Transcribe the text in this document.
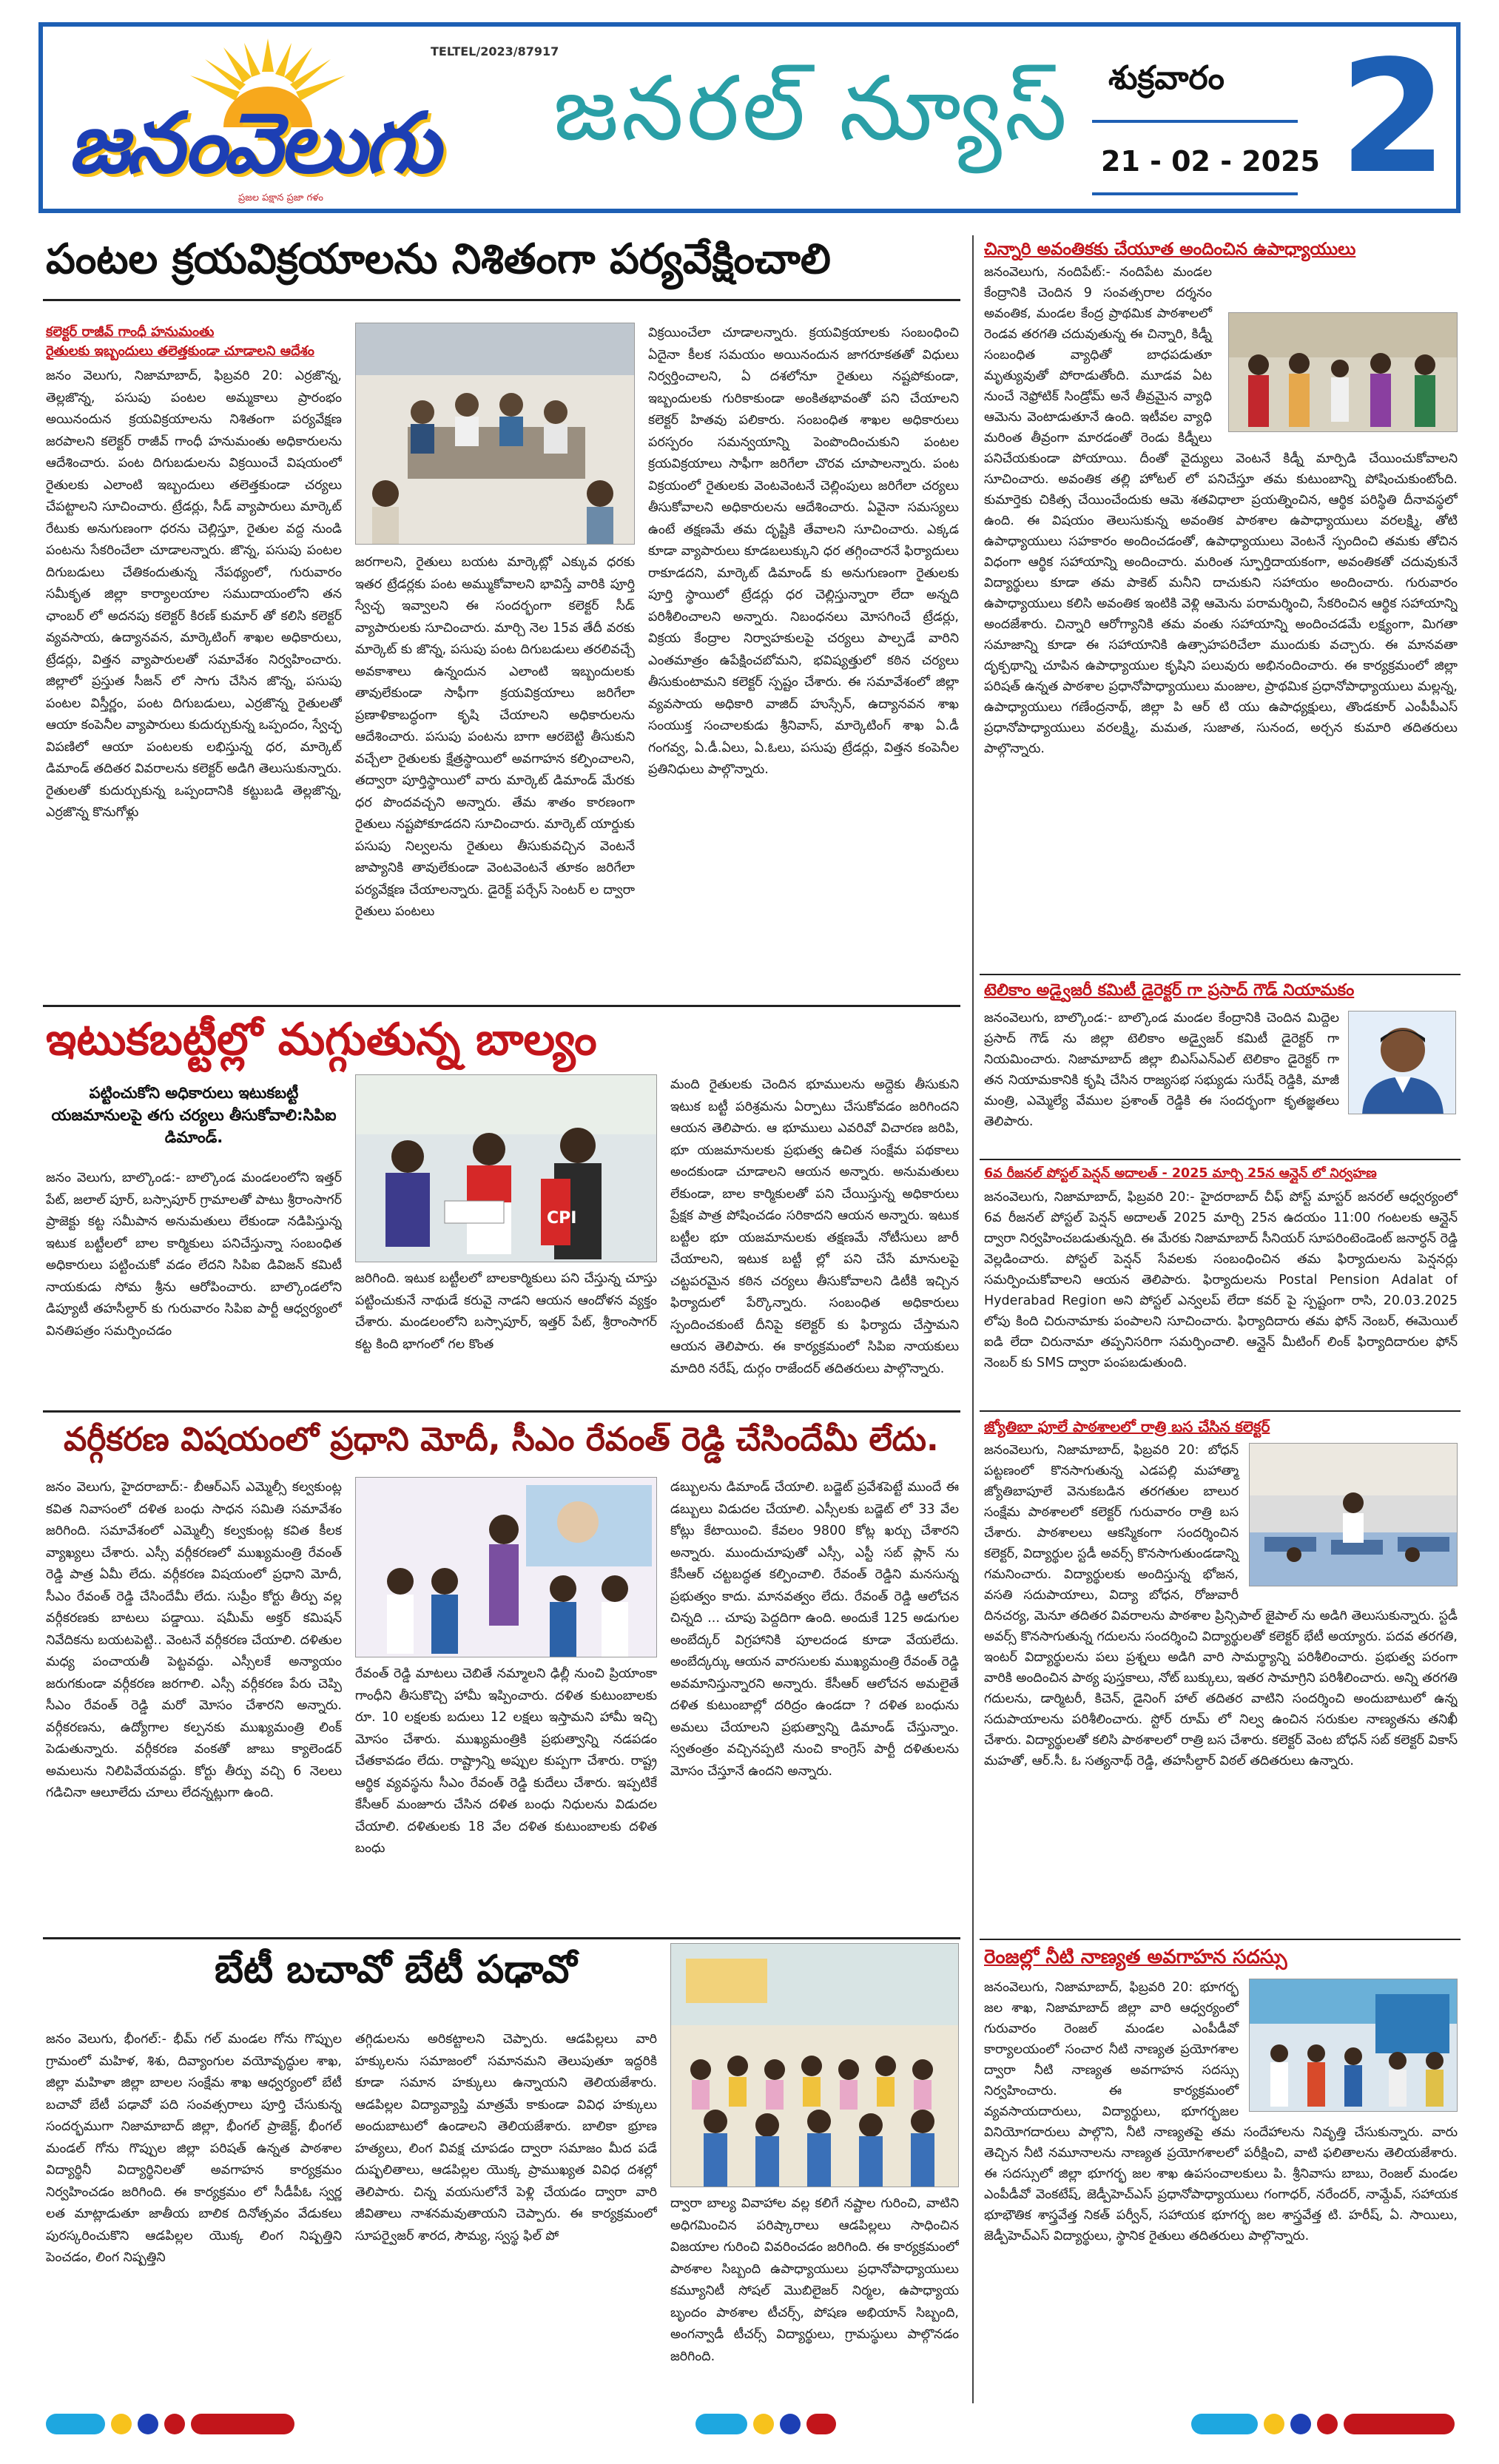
జనంవెలుగు
TELTEL/2023/87917
ప్రజల పక్షాన ప్రజా గళం
జనరల్ న్యూస్ శుక్రవారం
21 - 02 - 2025 2
పంటల క్రయవిక్రయాలను నిశితంగా పర్యవేక్షించాలి
కలెక్టర్ రాజీవ్ గాంధీ హనుమంతు
రైతులకు ఇబ్బందులు తలెత్తకుండా చూడాలని ఆదేశం
జనం వెలుగు, నిజామాబాద్, ఫిబ్రవరి 20: ఎర్రజొన్న, తెల్లజొన్న, పసుపు పంటల అమ్మకాలు ప్రారంభం అయినందున క్రయవిక్రయాలను నిశితంగా పర్యవేక్షణ జరపాలని కలెక్టర్ రాజీవ్ గాంధీ హనుమంతు అధికారులను ఆదేశించారు. పంట దిగుబడులను విక్రయించే విషయంలో రైతులకు ఎలాంటి ఇబ్బందులు తలెత్తకుండా చర్యలు చేపట్టాలని సూచించారు. ట్రేడర్లు, సీడ్ వ్యాపారులు మార్కెట్ రేటుకు అనుగుణంగా ధరను చెల్లిస్తూ, రైతుల వద్ద నుండి పంటను సేకరించేలా చూడాలన్నారు. జొన్న, పసుపు పంటల దిగుబడులు చేతికందుతున్న నేపథ్యంలో, గురువారం సమీకృత జిల్లా కార్యాలయాల సముదాయంలోని తన ఛాంబర్ లో అదనపు కలెక్టర్ కిరణ్ కుమార్ తో కలిసి కలెక్టర్ వ్యవసాయ, ఉద్యానవన, మార్కెటింగ్ శాఖల అధికారులు, ట్రేడర్లు, విత్తన వ్యాపారులతో సమావేశం నిర్వహించారు. జిల్లాలో ప్రస్తుత సీజన్ లో సాగు చేసిన జొన్న, పసుపు పంటల విస్తీర్ణం, పంట దిగుబడులు, ఎర్రజొన్న రైతులతో ఆయా కంపెనీల వ్యాపారులు కుదుర్చుకున్న ఒప్పందం, స్వేచ్ఛ విపణిలో ఆయా పంటలకు లభిస్తున్న ధర, మార్కెట్ డిమాండ్ తదితర వివరాలను కలెక్టర్ అడిగి తెలుసుకున్నారు. రైతులతో కుదుర్చుకున్న ఒప్పందానికి కట్టుబడి తెల్లజొన్న, ఎర్రజొన్న కొనుగోళ్లు
జరగాలని, రైతులు బయట మార్కెట్లో ఎక్కువ ధరకు ఇతర ట్రేడర్లకు పంట అమ్ముకోవాలని భావిస్తే వారికి పూర్తి స్వేచ్ఛ ఇవ్వాలని ఈ సందర్భంగా కలెక్టర్ సీడ్ వ్యాపారులకు సూచించారు. మార్చి నెల 15వ తేదీ వరకు మార్కెట్ కు జొన్న, పసుపు పంట దిగుబడులు తరలివచ్చే అవకాశాలు ఉన్నందున ఎలాంటి ఇబ్బందులకు తావులేకుండా సాఫీగా క్రయవిక్రయాలు జరిగేలా ప్రణాళికాబద్ధంగా కృషి చేయాలని అధికారులను ఆదేశించారు. పసుపు పంటను బాగా ఆరబెట్టి తీసుకుని వచ్చేలా రైతులకు క్షేత్రస్థాయిలో అవగాహన కల్పించాలని, తద్వారా పూర్తిస్థాయిలో వారు మార్కెట్ డిమాండ్ మేరకు ధర పొందవచ్చని అన్నారు. తేమ శాతం కారణంగా రైతులు నష్టపోకూడదని సూచించారు. మార్కెట్ యార్డుకు పసుపు నిల్వలను రైతులు తీసుకువచ్చిన వెంటనే జాప్యానికి తావులేకుండా వెంటవెంటనే తూకం జరిగేలా పర్యవేక్షణ చేయాలన్నారు. డైరెక్ట్ పర్చేస్ సెంటర్ ల ద్వారా రైతులు పంటలు
విక్రయించేలా చూడాలన్నారు. క్రయవిక్రయాలకు సంబంధించి ఏదైనా కీలక సమయం అయినందున జాగరూకతతో విధులు నిర్వర్తించాలని, ఏ దశలోనూ రైతులు నష్టపోకుండా, ఇబ్బందులకు గురికాకుండా అంకితభావంతో పని చేయాలని కలెక్టర్ హితవు పలికారు. సంబంధిత శాఖల అధికారులు పరస్పరం సమన్వయాన్ని పెంపొందించుకుని పంటల క్రయవిక్రయాలు సాఫీగా జరిగేలా చొరవ చూపాలన్నారు. పంట విక్రయంలో రైతులకు వెంటవెంటనే చెల్లింపులు జరిగేలా చర్యలు తీసుకోవాలని అధికారులను ఆదేశించారు. ఏవైనా సమస్యలు ఉంటే తక్షణమే తమ దృష్టికి తేవాలని సూచించారు. ఎక్కడ కూడా వ్యాపారులు కూడబలుక్కుని ధర తగ్గించారనే ఫిర్యాదులు రాకూడదని, మార్కెట్ డిమాండ్ కు అనుగుణంగా రైతులకు పూర్తి స్థాయిలో ట్రేడర్లు ధర చెల్లిస్తున్నారా లేదా అన్నది పరిశీలించాలని అన్నారు. నిబంధనలు మోసగించే ట్రేడర్లు, విక్రయ కేంద్రాల నిర్వాహకులపై చర్యలు పాల్పడే వారిని ఎంతమాత్రం ఉపేక్షించబోమని, భవిష్యత్తులో కఠిన చర్యలు తీసుకుంటామని కలెక్టర్ స్పష్టం చేశారు. ఈ సమావేశంలో జిల్లా వ్యవసాయ అధికారి వాజిద్ హుస్సేన్, ఉద్యానవన శాఖ సంయుక్త సంచాలకుడు శ్రీనివాస్, మార్కెటింగ్ శాఖ ఏ.డీ గంగవ్వ, ఏ.డీ.ఏలు, ఏ.ఓలు, పసుపు ట్రేడర్లు, విత్తన కంపెనీల ప్రతినిధులు పాల్గొన్నారు.
ఇటుకబట్టీల్లో మగ్గుతున్న బాల్యం
పట్టించుకోని అధికారులు ఇటుకబట్టీ యజమానులపై తగు చర్యలు తీసుకోవాలి:సిపిఐ డిమాండ్.
జనం వెలుగు, బాల్కొండ:- బాల్కొండ మండలంలోని ఇత్తర్ పేట్, జలాల్ పూర్, బస్సాపూర్ గ్రామాలతో పాటు శ్రీరాంసాగర్ ప్రాజెక్టు కట్ట సమీపాన అనుమతులు లేకుండా నడిపిస్తున్న ఇటుక బట్టీలలో బాల కార్మికులు పనిచేస్తున్నా సంబంధిత అధికారులు పట్టించుకో వడం లేదని సిపిఐ డివిజన్ కమిటీ నాయకుడు సోమ శ్రీను ఆరోపించారు. బాల్కొండలోని డిప్యూటీ తహసీల్దార్ కు గురువారం సిపిఐ పార్టీ ఆధ్వర్యంలో వినతిపత్రం సమర్పించడం
CPI
జరిగింది. ఇటుక బట్టీలలో బాలకార్మికులు పని చేస్తున్న చూస్తు పట్టించుకునే నాథుడే కరువై నాడని ఆయన ఆందోళన వ్యక్తం చేశారు. మండలంలోని బస్సాపూర్, ఇత్తర్ పేట్, శ్రీరాంసాగర్ కట్ట కింది భాగంలో గల కొంత
మంది రైతులకు చెందిన భూములను అద్దెకు తీసుకుని ఇటుక బట్టీ పరిశ్రమను ఏర్పాటు చేసుకోవడం జరిగిందని ఆయన తెలిపారు. ఆ భూములు ఎవరివో విచారణ జరిపి, భూ యజమానులకు ప్రభుత్వ ఉచిత సంక్షేమ పథకాలు అందకుండా చూడాలని ఆయన అన్నారు. అనుమతులు లేకుండా, బాల కార్మికులతో పని చేయిస్తున్న అధికారులు ప్రేక్షక పాత్ర పోషించడం సరికాదని ఆయన అన్నారు. ఇటుక బట్టీల భూ యజమానులకు తక్షణమే నోటీసులు జారీ చేయాలని, ఇటుక బట్టీ ల్లో పని చేసే మానులపై చట్టపరమైన కఠిన చర్యలు తీసుకోవాలని డిటీకి ఇచ్చిన ఫిర్యాదులో పేర్కొన్నారు. సంబంధిత అధికారులు స్పందించకుంటే దీనిపై కలెక్టర్ కు ఫిర్యాదు చేస్తామని ఆయన తెలిపారు. ఈ కార్యక్రమంలో సిపిఐ నాయకులు మాదిరి నరేష్, దుర్గం రాజేందర్ తదితరులు పాల్గొన్నారు.
వర్గీకరణ విషయంలో ప్రధాని మోదీ, సీఎం రేవంత్ రెడ్డి చేసిందేమీ లేదు.
జనం వెలుగు, హైదరాబాద్:- బీఆర్ఎస్ ఎమ్మెల్సీ కల్వకుంట్ల కవిత నివాసంలో దళిత బంధు సాధన సమితి సమావేశం జరిగింది. సమావేశంలో ఎమ్మెల్సీ కల్వకుంట్ల కవిత కీలక వ్యాఖ్యలు చేశారు. ఎస్సీ వర్గీకరణలో ముఖ్యమంత్రి రేవంత్ రెడ్డి పాత్ర ఏమీ లేదు. వర్గీకరణ విషయంలో ప్రధాని మోదీ, సీఎం రేవంత్ రెడ్డి చేసిందేమీ లేదు. సుప్రీం కోర్టు తీర్పు వల్ల వర్గీకరణకు బాటలు పడ్డాయి. షమీమ్ అక్తర్ కమిషన్ నివేదికను బయటపెట్టి.. వెంటనే వర్గీకరణ చేయాలి. దళితుల మధ్య పంచాయతీ పెట్టవద్దు. ఎస్సీలకే అన్యాయం జరుగకుండా వర్గీకరణ జరగాలి. ఎస్సీ వర్గీకరణ పేరు చెప్పి సీఎం రేవంత్ రెడ్డి మరో మోసం చేశారని అన్నారు. వర్గీకరణను, ఉద్యోగాల కల్పనకు ముఖ్యమంత్రి లింక్ పెడుతున్నారు. వర్గీకరణ వంకతో జాబు క్యాలెండర్ అమలును నిలిపివేయవద్దు. కోర్టు తీర్పు వచ్చి 6 నెలలు గడిచినా ఆలూలేదు చూలు లేదన్నట్లుగా ఉంది.
రేవంత్ రెడ్డి మాటలు చెబితే నమ్మాలని ఢిల్లీ నుంచి ప్రియాంకా గాంధీని తీసుకొచ్చి హామీ ఇప్పించారు. దళిత కుటుంబాలకు రూ. 10 లక్షలకు బదులు 12 లక్షలు ఇస్తామని హామీ ఇచ్చి మోసం చేశారు. ముఖ్యమంత్రికి ప్రభుత్వాన్ని నడపడం చేతకావడం లేదు. రాష్ట్రాన్ని అప్పుల కుప్పగా చేశారు. రాష్ట్ర ఆర్థిక వ్యవస్థను సీఎం రేవంత్ రెడ్డి కుదేలు చేశారు. ఇప్పటికే కేసీఆర్ మంజూరు చేసిన దళిత బంధు నిధులను విడుదల చేయాలి. దళితులకు 18 వేల దళిత కుటుంబాలకు దళిత బంధు
డబ్బులను డిమాండ్ చేయాలి. బడ్జెట్ ప్రవేశపెట్టే ముందే ఈ డబ్బులు విడుదల చేయాలి. ఎస్సీలకు బడ్జెట్ లో 33 వేల కోట్లు కేటాయించి. కేవలం 9800 కోట్ల ఖర్చు చేశారని అన్నారు. ముందుచూపుతో ఎస్సీ, ఎస్టీ సబ్ ప్లాన్ ను కేసీఆర్ చట్టబద్ధత కల్పించాలి. రేవంత్ రెడ్డిని మనసున్న ప్రభుత్వం కాదు. మానవత్వం లేదు. రేవంత్ రెడ్డి ఆలోచన చిన్నది ... చూపు పెద్దదిగా ఉంది. అందుకే 125 అడుగుల అంబేద్కర్ విగ్రహానికి పూలదండ కూడా వేయలేదు. అంబేద్కర్కు ఆయన వారసులకు ముఖ్యమంత్రి రేవంత్ రెడ్డి అవమానిస్తున్నారని అన్నారు. కేసీఆర్ ఆలోచన అమలైతే దళిత కుటుంబాల్లో దరిద్రం ఉండదా ? దళిత బంధును అమలు చేయాలని ప్రభుత్వాన్ని డిమాండ్ చేస్తున్నాం. స్వతంత్రం వచ్చినప్పటి నుంచి కాంగ్రెస్ పార్టీ దళితులను మోసం చేస్తూనే ఉందని అన్నారు.
బేటీ బచావో బేటీ పఢావో
జనం వెలుగు, భీంగల్:- భీమ్ గల్ మండల గోను గొప్పుల గ్రామంలో మహిళ, శిశు, దివ్యాంగుల వయోవృద్ధుల శాఖ, జిల్లా మహిళా జిల్లా బాలల సంక్షేమ శాఖ ఆధ్వర్యంలో బేటీ బచావో బేటీ పఢావో పది సంవత్సరాలు పూర్తి చేసుకున్న సందర్భముగా నిజామాబాద్ జిల్లా, భీంగల్ ప్రాజెక్ట్, భీంగల్ మండల్ గోను గొప్పుల జిల్లా పరిషత్ ఉన్నత పాఠశాల విద్యార్థినీ విద్యార్థినిలతో అవగాహన కార్యక్రమం నిర్వహించడం జరిగింది. ఈ కార్యక్రమం లో సీడీపీఓ స్వర్ణ లత మాట్లాడుతూ జాతీయ బాలిక దినోత్సవం వేడుకలు పురస్కరించుకొని ఆడపిల్లల యొక్క లింగ నిష్పత్తిని పెంచడం, లింగ నిష్పత్తిని
తగ్గిడులను అరికట్టాలని చెప్పారు. ఆడపిల్లలు వారి హక్కులను సమాజంలో సమానమని తెలుపుతూ ఇద్దరికి కూడా సమాన హక్కులు ఉన్నాయని తెలియజేశారు. ఆడపిల్లల విద్యావ్యాప్తి మాత్రమే కాకుండా వివిధ హక్కులు అందుబాటులో ఉండాలని తెలియజేశారు. బాలికా భ్రూణ హత్యలు, లింగ వివక్ష చూపడం ద్వారా సమాజం మీద పడే దుష్ఫలితాలు, ఆడపిల్లల యొక్క ప్రాముఖ్యత వివిధ దశల్లో తెలిపారు. చిన్న వయసులోనే పెళ్లి చేయడం ద్వారా వారి జీవితాలు నాశనమవుతాయని చెప్పారు. ఈ కార్యక్రమంలో సూపర్వైజర్ శారద, సౌమ్య, స్వస్థ ఫిల్ పో
ద్వారా బాల్య వివాహాల వల్ల కలిగే నష్టాల గురించి, వాటిని అధిగమించిన పరిష్కారాలు ఆడపిల్లలు సాధించిన విజయాల గురించి వివరించడం జరిగింది. ఈ కార్యక్రమంలో పాఠశాల సిబ్బంది ఉపాధ్యాయులు ప్రధానోపాధ్యాయులు కమ్యూనిటీ సోషల్ మొబిలైజర్ నిర్మల, ఉపాధ్యాయ బృందం పాఠశాల టీచర్స్, పోషణ అభియాన్ సిబ్బంది, అంగన్వాడీ టీచర్స్ విద్యార్థులు, గ్రామస్థులు పాల్గొనడం జరిగింది.
చిన్నారి అవంతికకు చేయూత అందించిన ఉపాధ్యాయులు
జనంవెలుగు, నందిపేట్:- నందిపేట మండల కేంద్రానికి చెందిన 9 సంవత్సరాల దర్శనం అవంతిక, మండల కేంద్ర ప్రాథమిక పాఠశాలలో రెండవ తరగతి చదువుతున్న ఈ చిన్నారి, కిడ్నీ సంబంధిత వ్యాధితో బాధపడుతూ మృత్యువుతో పోరాడుతోంది. మూడవ ఏట నుంచే నెఫ్రోటిక్ సిండ్రోమ్ అనే తీవ్రమైన వ్యాధి ఆమెను వెంటాడుతూనే ఉంది. ఇటీవల వ్యాధి మరింత తీవ్రంగా మారడంతో రెండు కిడ్నీలు పనిచేయకుండా పోయాయి. దీంతో వైద్యులు వెంటనే కిడ్నీ మార్పిడి చేయించుకోవాలని సూచించారు. అవంతిక తల్లి హోటల్ లో పనిచేస్తూ తమ కుటుంబాన్ని పోషించుకుంటోంది. కుమార్తెకు చికిత్స చేయించేందుకు ఆమె శతవిధాలా ప్రయత్నించిన, ఆర్థిక పరిస్థితి దీనావస్థలో ఉంది. ఈ విషయం తెలుసుకున్న అవంతిక పాఠశాల ఉపాధ్యాయులు వరలక్ష్మి, తోటి ఉపాధ్యాయులు సహకారం అందించడంతో, ఉపాధ్యాయులు వెంటనే స్పందించి తమకు తోచిన విధంగా ఆర్థిక సహాయాన్ని అందించారు. మరింత స్ఫూర్తిదాయకంగా, అవంతికతో చదువుకునే విద్యార్థులు కూడా తమ పాకెట్ మనీని దాచుకుని సహాయం అందించారు. గురువారం ఉపాధ్యాయులు కలిసి అవంతిక ఇంటికి వెళ్లి ఆమెను పరామర్శించి, సేకరించిన ఆర్థిక సహాయాన్ని అందజేశారు. చిన్నారి ఆరోగ్యానికి తమ వంతు సహాయాన్ని అందించడమే లక్ష్యంగా, మిగతా సమాజాన్ని కూడా ఈ సహాయానికి ఉత్సాహపరిచేలా ముందుకు వచ్చారు. ఈ మానవతా దృక్పథాన్ని చూపిన ఉపాధ్యాయుల కృషిని పలువురు అభినందించారు. ఈ కార్యక్రమంలో జిల్లా పరిషత్ ఉన్నత పాఠశాల ప్రధానోపాధ్యాయులు మంజుల, ప్రాథమిక ప్రధానోపాధ్యాయులు మల్లన్న, ఉపాధ్యాయులు గణేంద్రనాథ్, జిల్లా పి ఆర్ టి యు ఉపాధ్యక్షులు, తొండకూర్ ఎంపీపీఎస్ ప్రధానోపాధ్యాయులు వరలక్ష్మి, మమత, సుజాత, సునంద, అర్చన కుమారి తదితరులు పాల్గొన్నారు.
టెలికాం అడ్వైజరీ కమిటీ డైరెక్టర్ గా ప్రసాద్ గౌడ్ నియామకం
జనంవెలుగు, బాల్కొండ:- బాల్కొండ మండల కేంద్రానికి చెందిన మిద్దెల ప్రసాద్ గౌడ్ ను జిల్లా టెలికాం అడ్వైజర్ కమిటీ డైరెక్టర్ గా నియమించారు. నిజామాబాద్ జిల్లా బిఎస్ఎన్ఎల్ టెలికాం డైరెక్టర్ గా తన నియామకానికి కృషి చేసిన రాజ్యసభ సభ్యుడు సురేష్ రెడ్డికి, మాజీ మంత్రి, ఎమ్మెల్యే వేముల ప్రశాంత్ రెడ్డికి ఈ సందర్భంగా కృతజ్ఞతలు తెలిపారు.
6వ రీజనల్ పోస్టల్ పెన్షన్ అదాలత్ - 2025 మార్చి 25న ఆన్లైన్ లో నిర్వహణ
జనంవెలుగు, నిజామాబాద్, ఫిబ్రవరి 20:- హైదరాబాద్ చీఫ్ పోస్ట్ మాస్టర్ జనరల్ ఆధ్వర్యంలో 6వ రీజనల్ పోస్టల్ పెన్షన్ అదాలత్ 2025 మార్చి 25న ఉదయం 11:00 గంటలకు ఆన్లైన్ ద్వారా నిర్వహించబడుతున్నది. ఈ మేరకు నిజామాబాద్ సీనియర్ సూపరింటెండెంట్ జనార్ధన్ రెడ్డి వెల్లడించారు. పోస్టల్ పెన్షన్ సేవలకు సంబంధించిన తమ ఫిర్యాదులను పెన్షనర్లు సమర్పించుకోవాలని ఆయన తెలిపారు. ఫిర్యాదులను Postal Pension Adalat of Hyderabad Region అని పోస్టల్ ఎన్వలప్ లేదా కవర్ పై స్పష్టంగా రాసి, 20.03.2025 లోపు కింది చిరునామాకు పంపాలని సూచించారు. ఫిర్యాదిదారు తమ ఫోన్ నెంబర్, ఈమెయిల్ ఐడి లేదా చిరునామా తప్పనిసరిగా సమర్పించాలి. ఆన్లైన్ మీటింగ్ లింక్ ఫిర్యాదిదారుల ఫోన్ నెంబర్ కు SMS ద్వారా పంపబడుతుంది.
జ్యోతిబా ఫూలే పాఠశాలలో రాత్రి బస చేసిన కలెక్టర్
జనంవెలుగు, నిజామాబాద్, ఫిబ్రవరి 20: బోధన్ పట్టణంలో కొనసాగుతున్న ఎడపల్లి మహాత్మా జ్యోతిబాపూలే వెనుకబడిన తరగతుల బాలుర సంక్షేమ పాఠశాలలో కలెక్టర్ గురువారం రాత్రి బస చేశారు. పాఠశాలలు ఆకస్మికంగా సందర్శించిన కలెక్టర్, విద్యార్థుల స్టడీ అవర్స్ కొనసాగుతుండడాన్ని గమనించారు. విద్యార్థులకు అందిస్తున్న భోజన, వసతి సదుపాయాలు, విద్యా బోధన, రోజువారీ దినచర్య, మెనూ తదితర వివరాలను పాఠశాల ప్రిన్సిపాల్ జైపాల్ ను అడిగి తెలుసుకున్నారు. స్టడీ అవర్స్ కొనసాగుతున్న గదులను సందర్శించి విద్యార్థులతో కలెక్టర్ భేటీ అయ్యారు. పదవ తరగతి, ఇంటర్ విద్యార్థులను పలు ప్రశ్నలు అడిగి వారి సామర్థ్యాన్ని పరిశీలించారు. ప్రభుత్వ పరంగా వారికి అందించిన పాఠ్య పుస్తకాలు, నోట్ బుక్కులు, ఇతర సామాగ్రిని పరిశీలించారు. అన్ని తరగతి గదులను, డార్మిటరీ, కిచెన్, డైనింగ్ హాల్ తదితర వాటిని సందర్శించి అందుబాటులో ఉన్న సదుపాయాలను పరిశీలించారు. స్టోర్ రూమ్ లో నిల్వ ఉంచిన సరుకుల నాణ్యతను తనిఖీ చేశారు. విద్యార్థులతో కలిసి పాఠశాలలో రాత్రి బస చేశారు. కలెక్టర్ వెంట బోధన్ సబ్ కలెక్టర్ వికాస్ మహతో, ఆర్.సీ. ఓ సత్యనాథ్ రెడ్డి, తహసీల్దార్ విఠల్ తదితరులు ఉన్నారు.
రెంజల్లో నీటి నాణ్యత అవగాహన సదస్సు
జనంవెలుగు, నిజామాబాద్, ఫిబ్రవరి 20: భూగర్భ జల శాఖ, నిజామాబాద్ జిల్లా వారి ఆధ్వర్యంలో గురువారం రెంజల్ మండల ఎంపీడీవో కార్యాలయంలో సంచార నీటి నాణ్యత ప్రయోగశాల ద్వారా నీటి నాణ్యత అవగాహన సదస్సు నిర్వహించారు. ఈ కార్యక్రమంలో వ్యవసాయదారులు, విద్యార్థులు, భూగర్భజల వినియోగదారులు పాల్గొని, నీటి నాణ్యతపై తమ సందేహాలను నివృత్తి చేసుకున్నారు. వారు తెచ్చిన నీటి నమూనాలను నాణ్యత ప్రయోగశాలలో పరీక్షించి, వాటి ఫలితాలను తెలియజేశారు. ఈ సదస్సులో జిల్లా భూగర్భ జల శాఖ ఉపసంచాలకులు పి. శ్రీనివాసు బాబు, రెంజల్ మండల ఎంపీడీవో వెంకటేష్, జెడ్పీహెచ్ఎస్ ప్రధానోపాధ్యాయులు గంగాధర్, నరేందర్, నామ్దేవ్, సహాయక భూభౌతిక శాస్త్రవేత్త నికత్ పర్వీన్, సహాయక భూగర్భ జల శాస్త్రవేత్త టి. హరీష్, ఏ. సాయిలు, జెడ్పీహెచ్ఎస్ విద్యార్థులు, స్థానిక రైతులు తదితరులు పాల్గొన్నారు.
